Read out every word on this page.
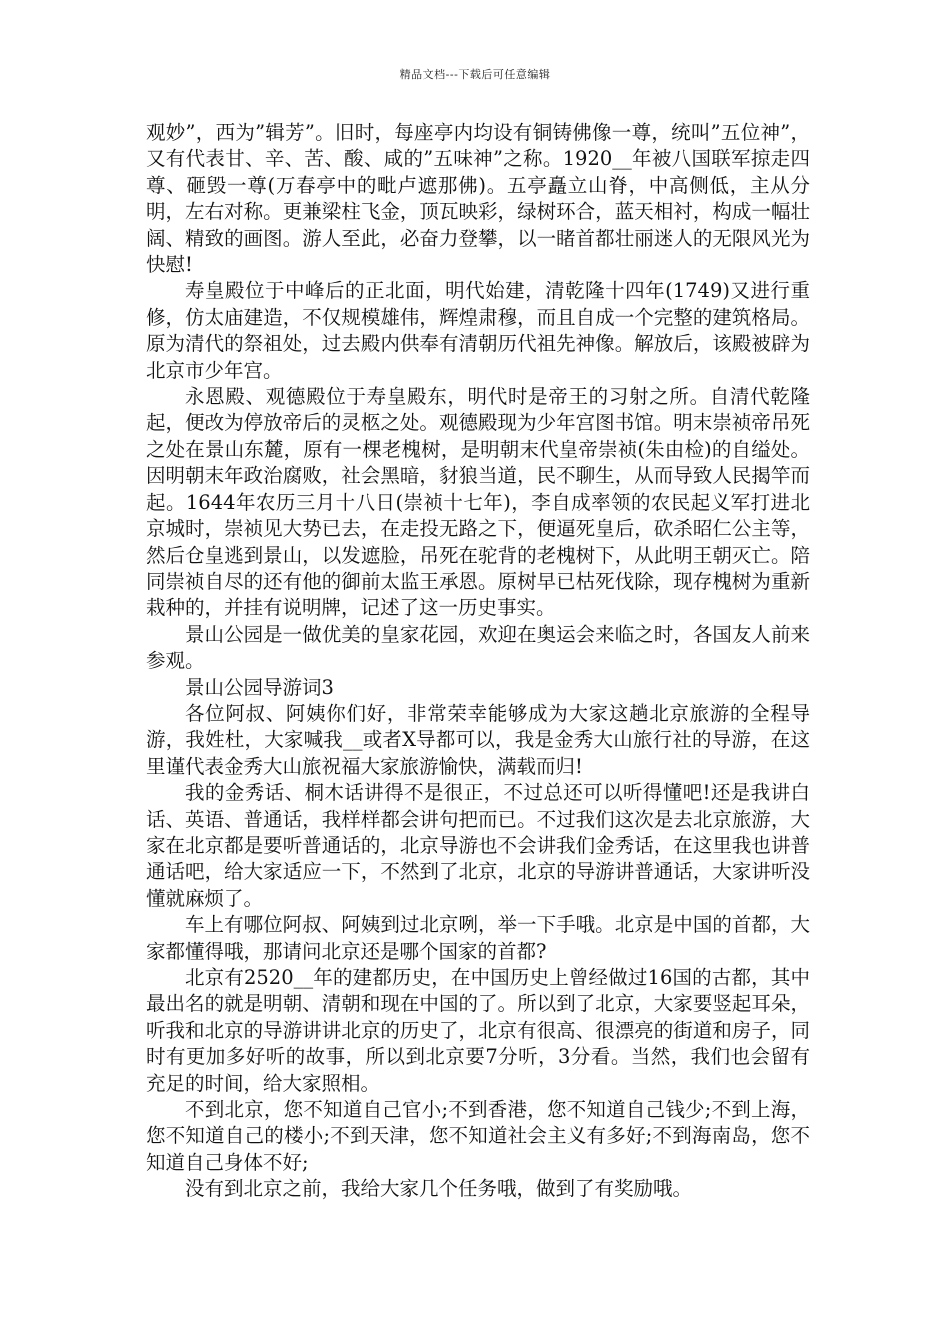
精品文档---下载后可任意编辑

观妙”，西为”辑芳”。旧时，每座亭内均设有铜铸佛像一尊，统叫”五位神”，又有代表甘、辛、苦、酸、咸的”五味神”之称。1920__年被八国联军掠走四尊、砸毁一尊(万春亭中的毗卢遮那佛)。五亭矗立山脊，中高侧低，主从分明，左右对称。更兼梁柱飞金，顶瓦映彩，绿树环合，蓝天相衬，构成一幅壮阔、精致的画图。游人至此，必奋力登攀，以一睹首都壮丽迷人的无限风光为快慰!

寿皇殿位于中峰后的正北面，明代始建，清乾隆十四年(1749)又进行重修，仿太庙建造，不仅规模雄伟，辉煌肃穆，而且自成一个完整的建筑格局。原为清代的祭祖处，过去殿内供奉有清朝历代祖先神像。解放后，该殿被辟为北京市少年宫。

永恩殿、观德殿位于寿皇殿东，明代时是帝王的习射之所。自清代乾隆起，便改为停放帝后的灵柩之处。观德殿现为少年宫图书馆。明末崇祯帝吊死之处在景山东麓，原有一棵老槐树，是明朝末代皇帝崇祯(朱由检)的自缢处。因明朝末年政治腐败，社会黑暗，豺狼当道，民不聊生，从而导致人民揭竿而起。1644年农历三月十八日(崇祯十七年)，李自成率领的农民起义军打进北京城时，崇祯见大势已去，在走投无路之下，便逼死皇后，砍杀昭仁公主等，然后仓皇逃到景山，以发遮脸，吊死在驼背的老槐树下，从此明王朝灭亡。陪同崇祯自尽的还有他的御前太监王承恩。原树早已枯死伐除，现存槐树为重新栽种的，并挂有说明牌，记述了这一历史事实。

景山公园是一做优美的皇家花园，欢迎在奥运会来临之时，各国友人前来参观。

景山公园导游词3

各位阿叔、阿姨你们好，非常荣幸能够成为大家这趟北京旅游的全程导游，我姓杜，大家喊我__或者X导都可以，我是金秀大山旅行社的导游，在这里谨代表金秀大山旅祝福大家旅游愉快，满载而归!

我的金秀话、桐木话讲得不是很正，不过总还可以听得懂吧!还是我讲白话、英语、普通话，我样样都会讲句把而已。不过我们这次是去北京旅游，大家在北京都是要听普通话的，北京导游也不会讲我们金秀话，在这里我也讲普通话吧，给大家适应一下，不然到了北京，北京的导游讲普通话，大家讲听没懂就麻烦了。

车上有哪位阿叔、阿姨到过北京咧，举一下手哦。北京是中国的首都，大家都懂得哦，那请问北京还是哪个国家的首都?

北京有2520__年的建都历史，在中国历史上曾经做过16国的古都，其中最出名的就是明朝、清朝和现在中国的了。所以到了北京，大家要竖起耳朵，听我和北京的导游讲讲北京的历史了，北京有很高、很漂亮的街道和房子，同时有更加多好听的故事，所以到北京要7分听，3分看。当然，我们也会留有充足的时间，给大家照相。

不到北京，您不知道自己官小;不到香港，您不知道自己钱少;不到上海，您不知道自己的楼小;不到天津，您不知道社会主义有多好;不到海南岛，您不知道自己身体不好;

没有到北京之前，我给大家几个任务哦，做到了有奖励哦。
